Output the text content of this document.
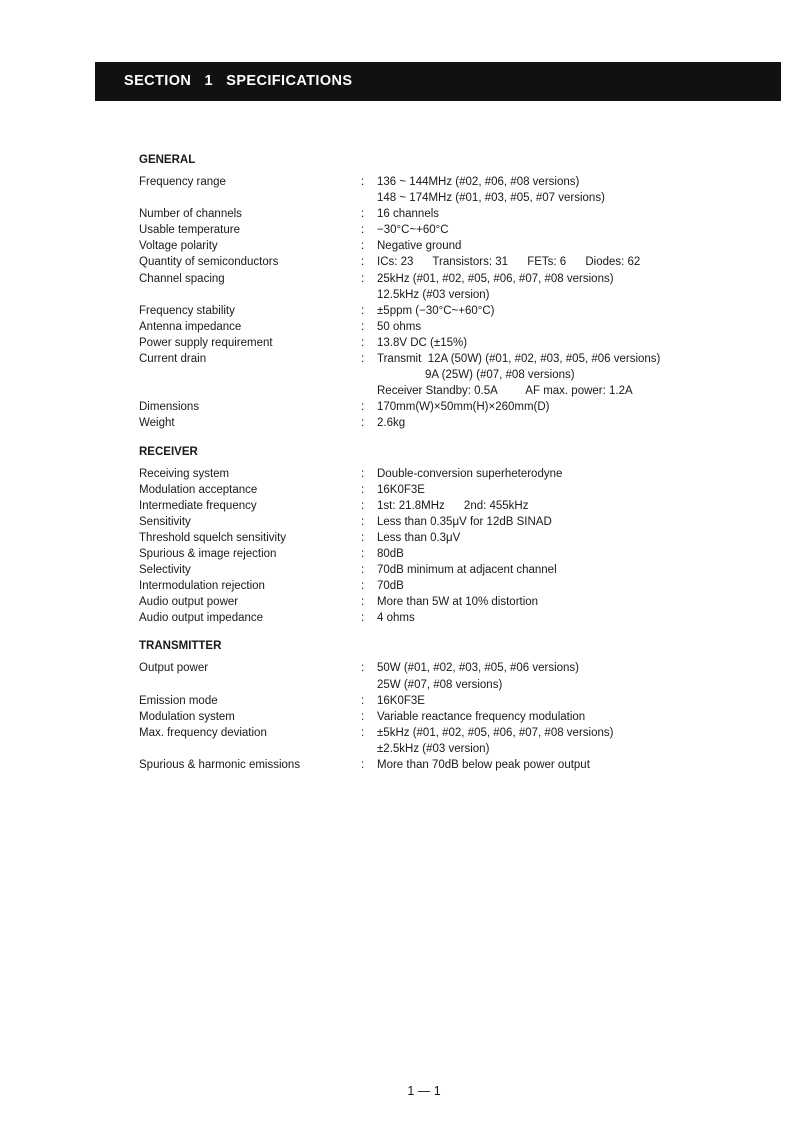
SECTION   1   SPECIFICATIONS
GENERAL
Frequency range	:	136 ~ 144MHz (#02, #06, #08 versions)
148 ~ 174MHz (#01, #03, #05, #07 versions)
Number of channels	:	16 channels
Usable temperature	:	−30°C~+60°C
Voltage polarity	:	Negative ground
Quantity of semiconductors	:	ICs: 23      Transistors: 31      FETs: 6      Diodes: 62
Channel spacing	:	25kHz (#01, #02, #05, #06, #07, #08 versions)
12.5kHz (#03 version)
Frequency stability	:	±5ppm (−30°C~+60°C)
Antenna impedance	:	50 ohms
Power supply requirement	:	13.8V DC (±15%)
Current drain	:	Transmit  12A (50W) (#01, #02, #03, #05, #06 versions)
9A (25W) (#07, #08 versions)
Receiver Standby: 0.5A         AF max. power: 1.2A
Dimensions	:	170mm(W)×50mm(H)×260mm(D)
Weight	:	2.6kg
RECEIVER
Receiving system	:	Double-conversion superheterodyne
Modulation acceptance	:	16K0F3E
Intermediate frequency	:	1st: 21.8MHz      2nd: 455kHz
Sensitivity	:	Less than 0.35μV for 12dB SINAD
Threshold squelch sensitivity	:	Less than 0.3μV
Spurious & image rejection	:	80dB
Selectivity	:	70dB minimum at adjacent channel
Intermodulation rejection	:	70dB
Audio output power	:	More than 5W at 10% distortion
Audio output impedance	:	4 ohms
TRANSMITTER
Output power	:	50W (#01, #02, #03, #05, #06 versions)
25W (#07, #08 versions)
Emission mode	:	16K0F3E
Modulation system	:	Variable reactance frequency modulation
Max. frequency deviation	:	±5kHz (#01, #02, #05, #06, #07, #08 versions)
±2.5kHz (#03 version)
Spurious & harmonic emissions	:	More than 70dB below peak power output
1 — 1
